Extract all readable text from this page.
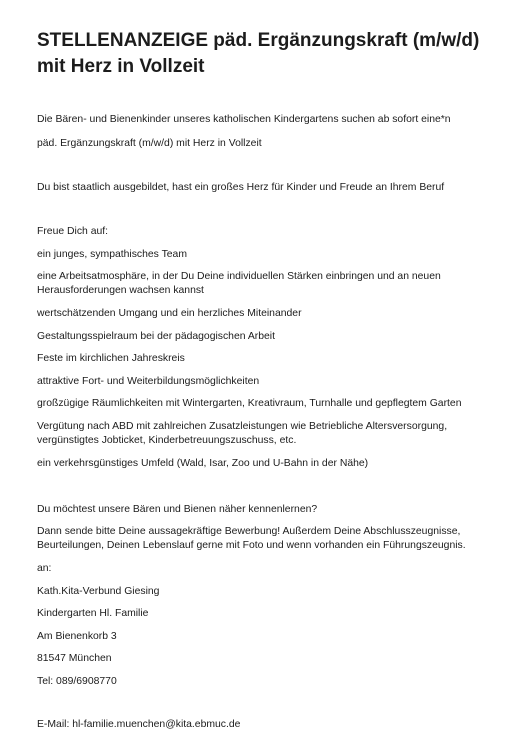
STELLENANZEIGE päd. Ergänzungskraft (m/w/d)
mit Herz in Vollzeit
Die Bären- und Bienenkinder unseres katholischen Kindergartens suchen ab sofort eine*n
päd. Ergänzungskraft (m/w/d) mit Herz in Vollzeit
Du bist staatlich ausgebildet, hast ein großes Herz für Kinder und Freude an Ihrem Beruf
Freue Dich auf:
ein junges, sympathisches Team
eine Arbeitsatmosphäre, in der Du Deine individuellen Stärken einbringen und an neuen
Herausforderungen wachsen kannst
wertschätzenden Umgang und ein herzliches Miteinander
Gestaltungsspielraum bei der pädagogischen Arbeit
Feste im kirchlichen Jahreskreis
attraktive Fort- und Weiterbildungsmöglichkeiten
großzügige Räumlichkeiten mit Wintergarten, Kreativraum, Turnhalle und gepflegtem Garten
Vergütung nach ABD mit zahlreichen Zusatzleistungen wie Betriebliche Altersversorgung,
vergünstigtes Jobticket, Kinderbetreuungszuschuss, etc.
ein verkehrsgünstiges Umfeld (Wald, Isar, Zoo und U-Bahn in der Nähe)
Du möchtest unsere Bären und Bienen näher kennenlernen?
Dann sende bitte Deine aussagekräftige Bewerbung! Außerdem Deine Abschlusszeugnisse,
Beurteilungen, Deinen Lebenslauf gerne mit Foto und wenn vorhanden ein Führungszeugnis.
an:
Kath.Kita-Verbund Giesing
Kindergarten Hl. Familie
Am Bienenkorb 3
81547 München
Tel: 089/6908770
E-Mail: hl-familie.muenchen@kita.ebmuc.de
